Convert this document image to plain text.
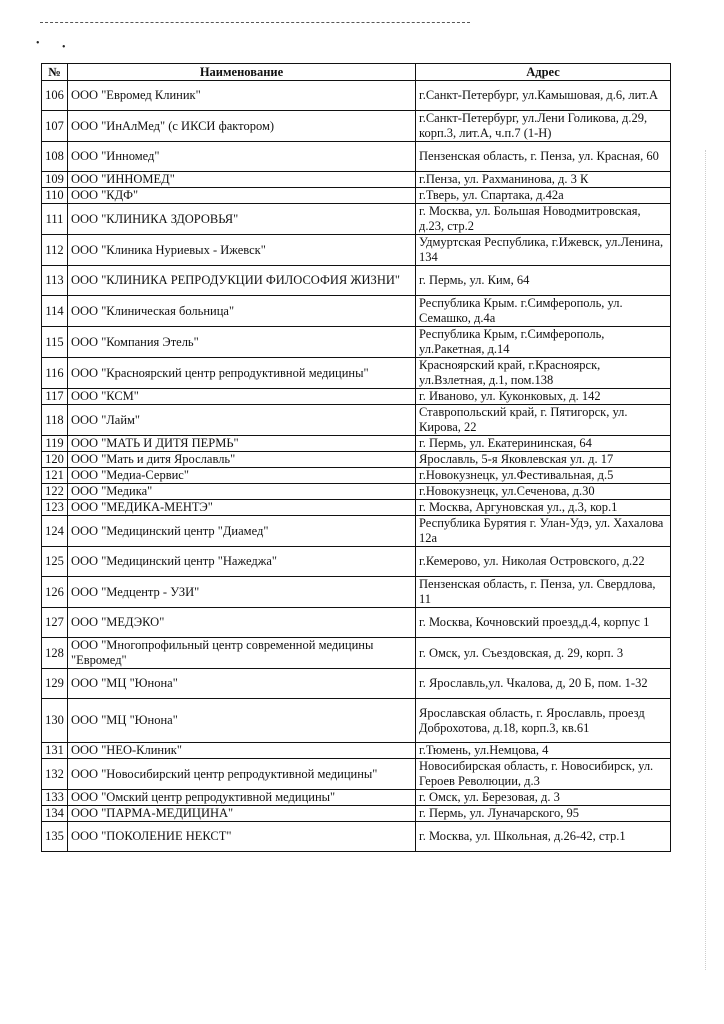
• •
№	Наименование	Адрес
106	ООО "Евромед Клиник"	г.Санкт-Петербург, ул.Камышовая, д.6, лит.А
107	ООО "ИнАлМед" (с ИКСИ фактором)	г.Санкт-Петербург, ул.Лени Голикова, д.29, корп.3, лит.А, ч.п.7 (1-Н)
108	ООО "Инномед"	Пензенская область, г. Пенза, ул. Красная, 60
109	ООО "ИННОМЕД"	г.Пенза, ул. Рахманинова, д. 3 К
110	ООО "КДФ"	г.Тверь, ул. Спартака, д.42а
111	ООО "КЛИНИКА ЗДОРОВЬЯ"	г. Москва, ул. Большая Новодмитровская, д.23, стр.2
112	ООО "Клиника Нуриевых - Ижевск"	Удмуртская Республика, г.Ижевск, ул.Ленина, 134
113	ООО "КЛИНИКА РЕПРОДУКЦИИ ФИЛОСОФИЯ ЖИЗНИ"	г. Пермь, ул. Ким, 64
114	ООО "Клиническая больница"	Республика Крым. г.Симферополь, ул. Семашко, д.4а
115	ООО "Компания Этель"	Республика Крым, г.Симферополь, ул.Ракетная, д.14
116	ООО "Красноярский центр репродуктивной медицины"	Красноярский край, г.Красноярск, ул.Взлетная, д.1, пом.138
117	ООО "КСМ"	г. Иваново, ул. Куконковых, д. 142
118	ООО "Лайм"	Ставропольский край, г. Пятигорск, ул. Кирова, 22
119	ООО "МАТЬ И ДИТЯ ПЕРМЬ"	г. Пермь, ул. Екатерининская, 64
120	ООО "Мать и дитя Ярославль"	Ярославль, 5-я Яковлевская ул. д. 17
121	ООО "Медиа-Сервис"	г.Новокузнецк, ул.Фестивальная, д.5
122	ООО "Медика"	г.Новокузнецк, ул.Сеченова, д.30
123	ООО "МЕДИКА-МЕНТЭ"	г. Москва, Аргуновская ул., д.3, кор.1
124	ООО "Медицинский центр "Диамед"	Республика Бурятия г. Улан-Удэ, ул. Хахалова 12а
125	ООО "Медицинский центр "Нажеджа"	г.Кемерово, ул. Николая Островского, д.22
126	ООО "Медцентр - УЗИ"	Пензенская область, г. Пенза, ул. Свердлова, 11
127	ООО "МЕДЭКО"	г. Москва, Кочновский проезд,д.4, корпус 1
128	ООО "Многопрофильный центр современной медицины "Евромед"	г. Омск, ул. Съездовская, д. 29, корп. 3
129	ООО "МЦ "Юнона"	г. Ярославль,ул. Чкалова, д, 20 Б, пом. 1-32
130	ООО "МЦ "Юнона"	Ярославская область, г. Ярославль, проезд Доброхотова, д.18, корп.3, кв.61
131	ООО "НЕО-Клиник"	г.Тюмень, ул.Немцова, 4
132	ООО "Новосибирский центр репродуктивной медицины"	Новосибирская область, г. Новосибирск, ул. Героев Революции, д.3
133	ООО "Омский центр репродуктивной медицины"	г. Омск, ул. Березовая, д. 3
134	ООО "ПАРМА-МЕДИЦИНА"	г. Пермь, ул. Луначарского, 95
135	ООО "ПОКОЛЕНИЕ НЕКСТ"	г. Москва, ул. Школьная, д.26-42, стр.1
